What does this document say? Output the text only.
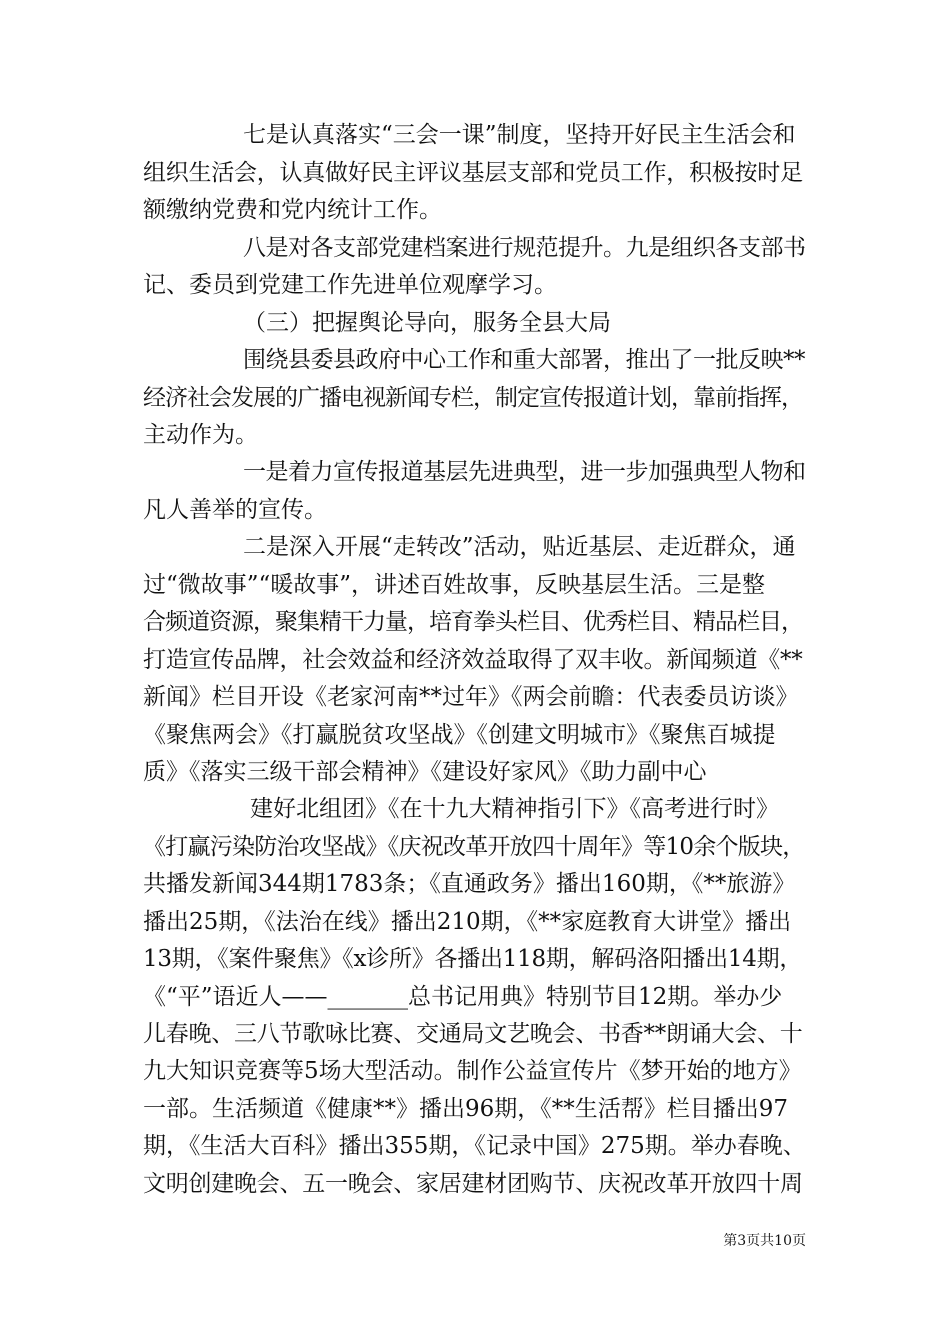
七是认真落实“三会一课”制度，坚持开好民主生活会和
组织生活会，认真做好民主评议基层支部和党员工作，积极按时足
额缴纳党费和党内统计工作。
八是对各支部党建档案进行规范提升。九是组织各支部书
记、委员到党建工作先进单位观摩学习。
（三）把握舆论导向，服务全县大局
围绕县委县政府中心工作和重大部署，推出了一批反映**
经济社会发展的广播电视新闻专栏，制定宣传报道计划，靠前指挥，
主动作为。
一是着力宣传报道基层先进典型，进一步加强典型人物和
凡人善举的宣传。
二是深入开展“走转改”活动，贴近基层、走近群众，通
过“微故事”“暖故事”，讲述百姓故事，反映基层生活。三是整
合频道资源，聚集精干力量，培育拳头栏目、优秀栏目、精品栏目，
打造宣传品牌，社会效益和经济效益取得了双丰收。新闻频道《**
新闻》栏目开设《老家河南**过年》《两会前瞻：代表委员访谈》
《聚焦两会》《打赢脱贫攻坚战》《创建文明城市》《聚焦百城提
质》《落实三级干部会精神》《建设好家风》《助力副中心
建好北组团》《在十九大精神指引下》《高考进行时》
《打赢污染防治攻坚战》《庆祝改革开放四十周年》等10余个版块，
共播发新闻344期1783条；《直通政务》播出160期，《**旅游》
播出25期，《法治在线》播出210期，《**家庭教育大讲堂》播出
13期，《案件聚焦》《x诊所》各播出118期，解码洛阳播出14期，
《“平”语近人——_______总书记用典》特别节目12期。举办少
儿春晚、三八节歌咏比赛、交通局文艺晚会、书香**朗诵大会、十
九大知识竞赛等5场大型活动。制作公益宣传片《梦开始的地方》
一部。生活频道《健康**》播出96期，《**生活帮》栏目播出97
期，《生活大百科》播出355期，《记录中国》275期。举办春晚、
文明创建晚会、五一晚会、家居建材团购节、庆祝改革开放四十周
第3页共10页
